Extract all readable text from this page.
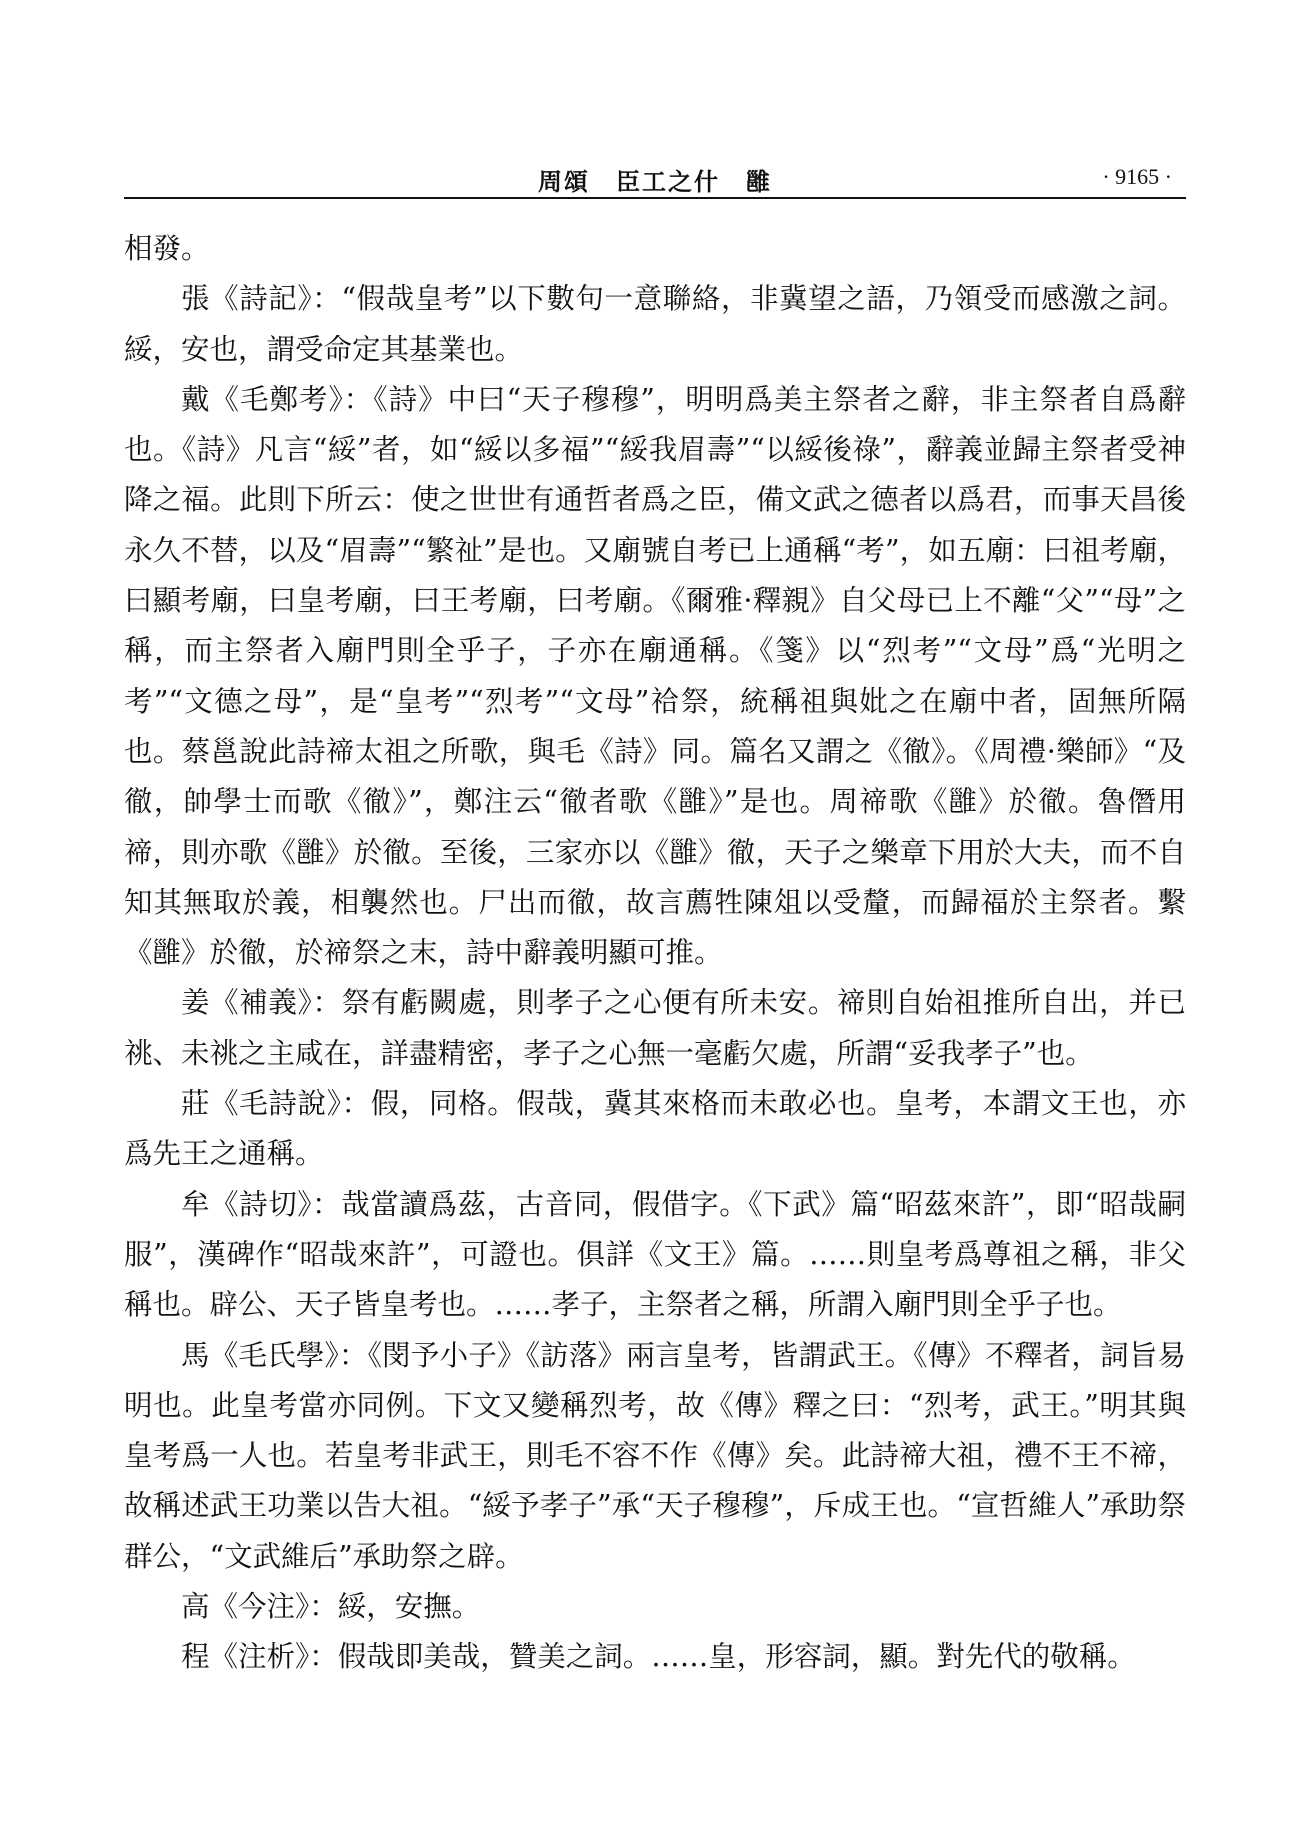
周頌　臣工之什　雝	· 9165 ·

相發。

張《詩記》：“假哉皇考”以下數句一意聯絡，非冀望之語，乃領受而感激之詞。綏，安也，謂受命定其基業也。

戴《毛鄭考》：《詩》中曰“天子穆穆”，明明爲美主祭者之辭，非主祭者自爲辭也。《詩》凡言“綏”者，如“綏以多福”“綏我眉壽”“以綏後祿”，辭義並歸主祭者受神降之福。此則下所云：使之世世有通哲者爲之臣，備文武之德者以爲君，而事天昌後永久不替，以及“眉壽”“繁祉”是也。又廟號自考已上通稱“考”，如五廟：曰祖考廟，曰顯考廟，曰皇考廟，曰王考廟，曰考廟。《爾雅·釋親》自父母已上不離“父”“母”之稱，而主祭者入廟門則全乎子，子亦在廟通稱。《箋》以“烈考”“文母”爲“光明之考”“文德之母”，是“皇考”“烈考”“文母”祫祭，統稱祖與妣之在廟中者，固無所隔也。蔡邕說此詩禘太祖之所歌，與毛《詩》同。篇名又謂之《徹》。《周禮·樂師》“及徹，帥學士而歌《徹》”，鄭注云“徹者歌《雝》”是也。周禘歌《雝》於徹。魯僭用禘，則亦歌《雝》於徹。至後，三家亦以《雝》徹，天子之樂章下用於大夫，而不自知其無取於義，相襲然也。尸出而徹，故言薦牲陳俎以受釐，而歸福於主祭者。繫《雝》於徹，於禘祭之末，詩中辭義明顯可推。

姜《補義》：祭有虧闕處，則孝子之心便有所未安。禘則自始祖推所自出，并已祧、未祧之主咸在，詳盡精密，孝子之心無一毫虧欠處，所謂“妥我孝子”也。

莊《毛詩說》：假，同格。假哉，冀其來格而未敢必也。皇考，本謂文王也，亦爲先王之通稱。

牟《詩切》：哉當讀爲茲，古音同，假借字。《下武》篇“昭茲來許”，即“昭哉嗣服”，漢碑作“昭哉來許”，可證也。俱詳《文王》篇。……則皇考爲尊祖之稱，非父稱也。辟公、天子皆皇考也。……孝子，主祭者之稱，所謂入廟門則全乎子也。

馬《毛氏學》：《閔予小子》《訪落》兩言皇考，皆謂武王。《傳》不釋者，詞旨易明也。此皇考當亦同例。下文又變稱烈考，故《傳》釋之曰：“烈考，武王。”明其與皇考爲一人也。若皇考非武王，則毛不容不作《傳》矣。此詩禘大祖，禮不王不禘，故稱述武王功業以告大祖。“綏予孝子”承“天子穆穆”，斥成王也。“宣哲維人”承助祭群公，“文武維后”承助祭之辟。

高《今注》：綏，安撫。

程《注析》：假哉即美哉，贊美之詞。……皇，形容詞，顯。對先代的敬稱。
